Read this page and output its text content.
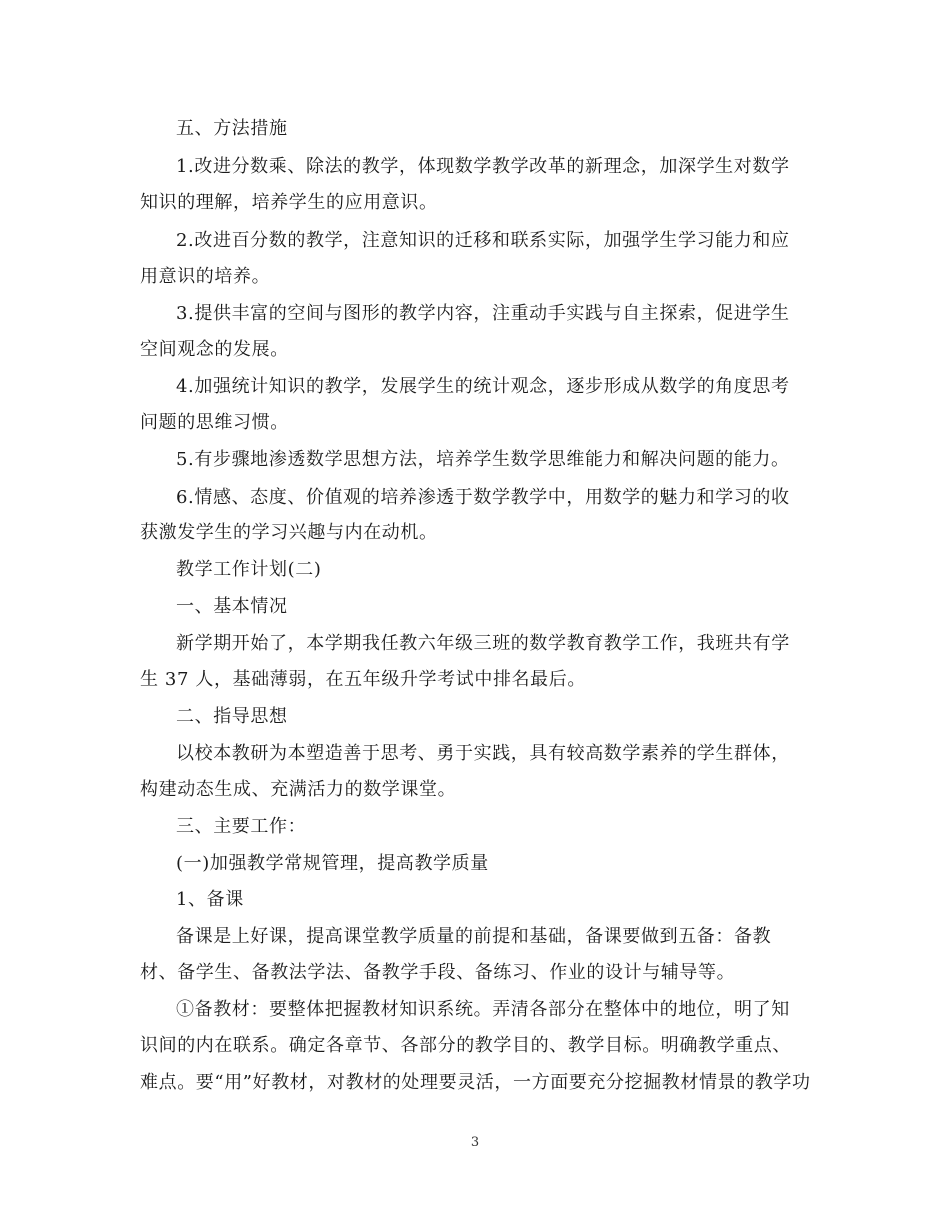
五、方法措施
1.改进分数乘、除法的教学，体现数学教学改革的新理念，加深学生对数学
知识的理解，培养学生的应用意识。
2.改进百分数的教学，注意知识的迁移和联系实际，加强学生学习能力和应
用意识的培养。
3.提供丰富的空间与图形的教学内容，注重动手实践与自主探索，促进学生
空间观念的发展。
4.加强统计知识的教学，发展学生的统计观念，逐步形成从数学的角度思考
问题的思维习惯。
5.有步骤地渗透数学思想方法，培养学生数学思维能力和解决问题的能力。
6.情感、态度、价值观的培养渗透于数学教学中，用数学的魅力和学习的收
获激发学生的学习兴趣与内在动机。
教学工作计划(二)
一、基本情况
新学期开始了，本学期我任教六年级三班的数学教育教学工作，我班共有学
生 37 人，基础薄弱，在五年级升学考试中排名最后。
二、指导思想
以校本教研为本塑造善于思考、勇于实践，具有较高数学素养的学生群体，
构建动态生成、充满活力的数学课堂。
三、主要工作：
(一)加强教学常规管理，提高教学质量
1、备课
备课是上好课，提高课堂教学质量的前提和基础，备课要做到五备：备教
材、备学生、备教法学法、备教学手段、备练习、作业的设计与辅导等。
①备教材：要整体把握教材知识系统。弄清各部分在整体中的地位，明了知
识间的内在联系。确定各章节、各部分的教学目的、教学目标。明确教学重点、
难点。要“用”好教材，对教材的处理要灵活，一方面要充分挖掘教材情景的教学功
3
